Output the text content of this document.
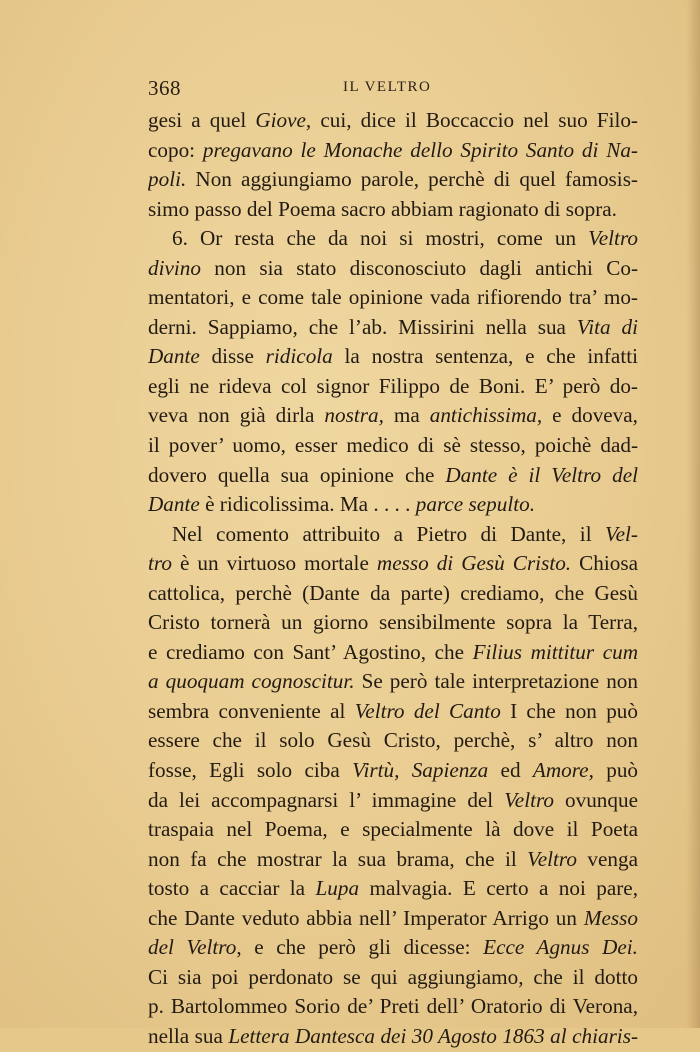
368	IL VELTRO
gesi a quel Giove, cui, dice il Boccaccio nel suo Filo-
copo: pregavano le Monache dello Spirito Santo di Na-
poli. Non aggiungiamo parole, perchè di quel famosis-
simo passo del Poema sacro abbiam ragionato di sopra.
6. Or resta che da noi si mostri, come un Veltro
divino non sia stato disconosciuto dagli antichi Co-
mentatori, e come tale opinione vada rifiorendo tra’ mo-
derni. Sappiamo, che l’ab. Missirini nella sua Vita di
Dante disse ridicola la nostra sentenza, e che infatti
egli ne rideva col signor Filippo de Boni. E’ però do-
veva non già dirla nostra, ma antichissima, e doveva,
il pover’ uomo, esser medico di sè stesso, poichè dad-
dovero quella sua opinione che Dante è il Veltro del
Dante è ridicolissima. Ma . . . . parce sepulto.
Nel comento attribuito a Pietro di Dante, il Vel-
tro è un virtuoso mortale messo di Gesù Cristo. Chiosa
cattolica, perchè (Dante da parte) crediamo, che Gesù
Cristo tornerà un giorno sensibilmente sopra la Terra,
e crediamo con Sant’ Agostino, che Filius mittitur cum
a quoquam cognoscitur. Se però tale interpretazione non
sembra conveniente al Veltro del Canto I che non può
essere che il solo Gesù Cristo, perchè, s’ altro non
fosse, Egli solo ciba Virtù, Sapienza ed Amore, può
da lei accompagnarsi l’ immagine del Veltro ovunque
traspaia nel Poema, e specialmente là dove il Poeta
non fa che mostrar la sua brama, che il Veltro venga
tosto a cacciar la Lupa malvagia. E certo a noi pare,
che Dante veduto abbia nell’ Imperator Arrigo un Messo
del Veltro, e che però gli dicesse: Ecce Agnus Dei.
Ci sia poi perdonato se qui aggiungiamo, che il dotto
p. Bartolommeo Sorio de’ Preti dell’ Oratorio di Verona,
nella sua Lettera Dantesca dei 30 Agosto 1863 al chiaris-
